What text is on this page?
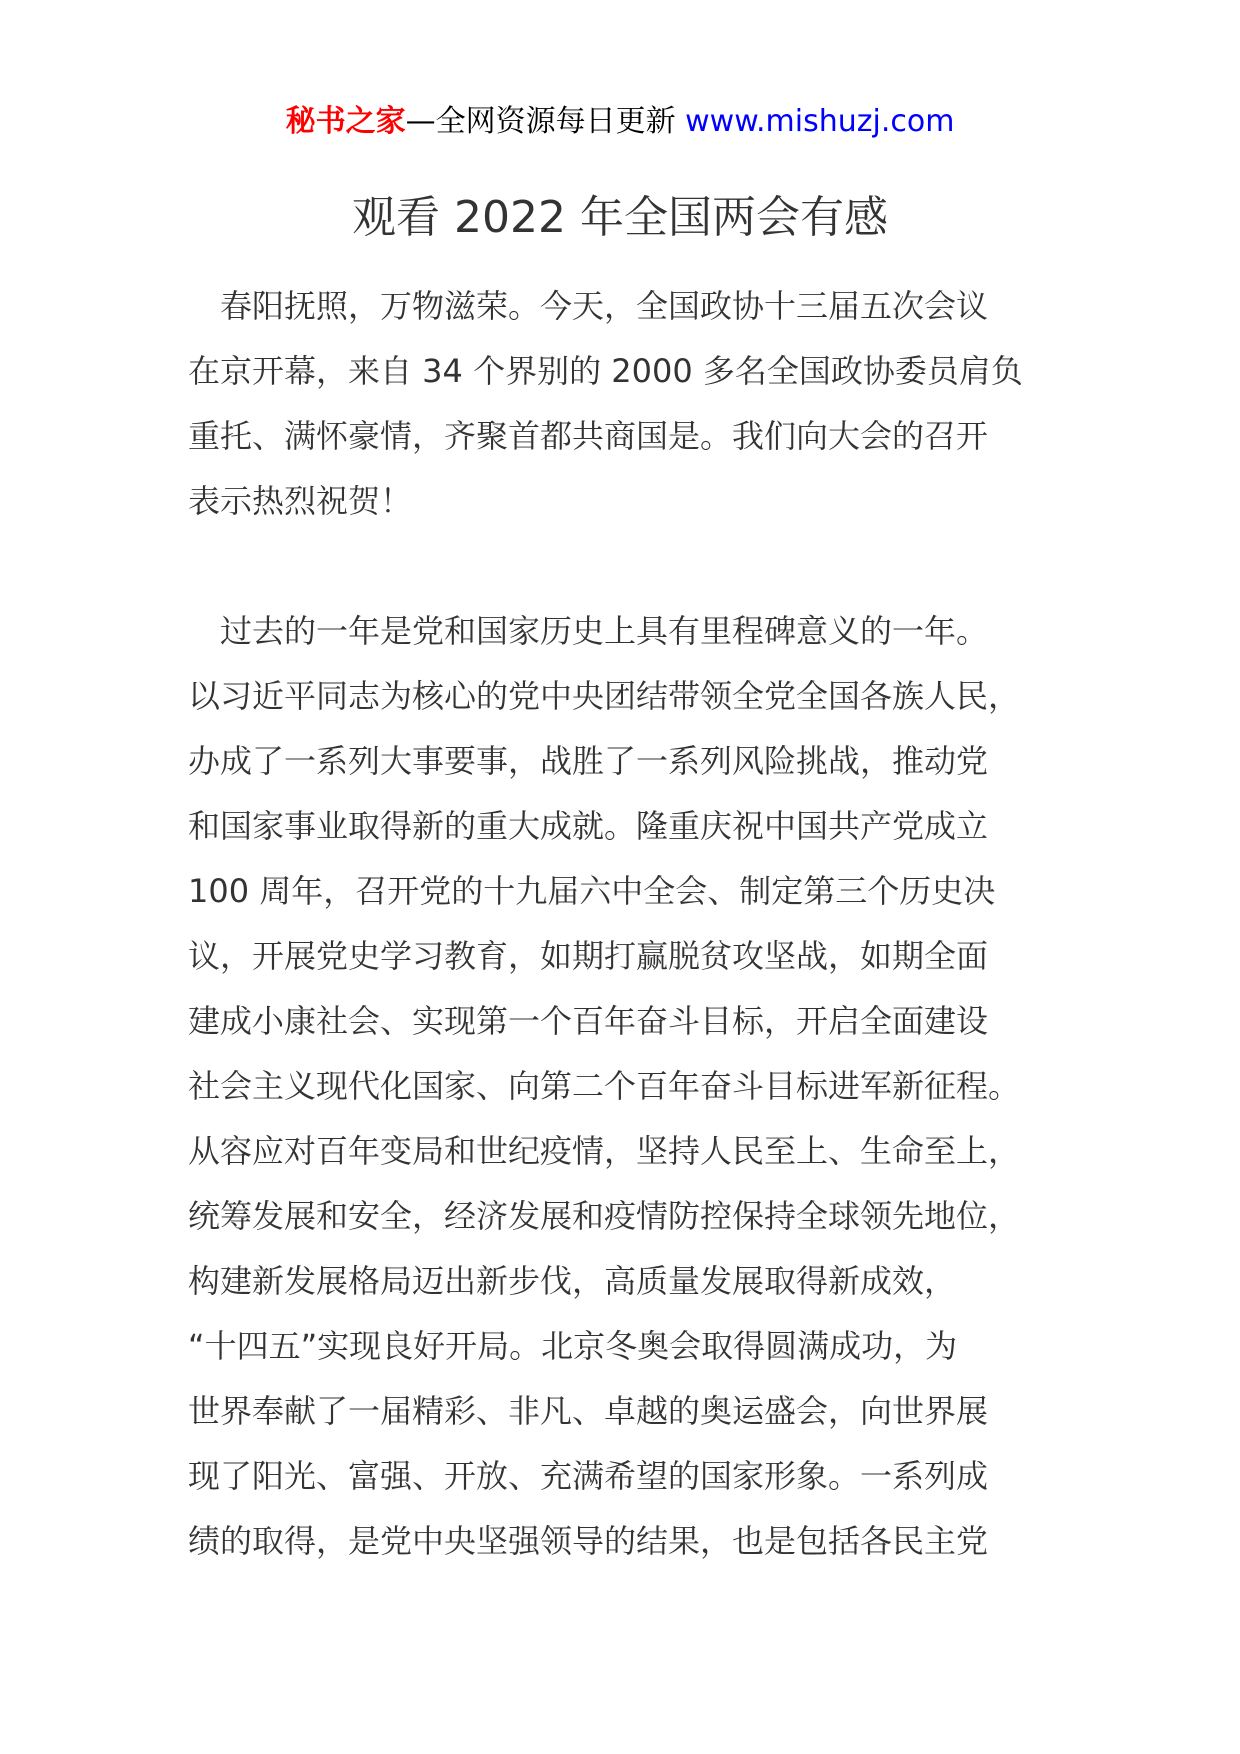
秘书之家—全网资源每日更新 www.mishuzj.com
观看 2022 年全国两会有感
　春阳抚照，万物滋荣。今天，全国政协十三届五次会议
在京开幕，来自 34 个界别的 2000 多名全国政协委员肩负
重托、满怀豪情，齐聚首都共商国是。我们向大会的召开
表示热烈祝贺！
　过去的一年是党和国家历史上具有里程碑意义的一年。
以习近平同志为核心的党中央团结带领全党全国各族人民，
办成了一系列大事要事，战胜了一系列风险挑战，推动党
和国家事业取得新的重大成就。隆重庆祝中国共产党成立
100 周年，召开党的十九届六中全会、制定第三个历史决
议，开展党史学习教育，如期打赢脱贫攻坚战，如期全面
建成小康社会、实现第一个百年奋斗目标，开启全面建设
社会主义现代化国家、向第二个百年奋斗目标进军新征程。
从容应对百年变局和世纪疫情，坚持人民至上、生命至上，
统筹发展和安全，经济发展和疫情防控保持全球领先地位，
构建新发展格局迈出新步伐，高质量发展取得新成效，
“十四五”实现良好开局。北京冬奥会取得圆满成功，为
世界奉献了一届精彩、非凡、卓越的奥运盛会，向世界展
现了阳光、富强、开放、充满希望的国家形象。一系列成
绩的取得，是党中央坚强领导的结果，也是包括各民主党
